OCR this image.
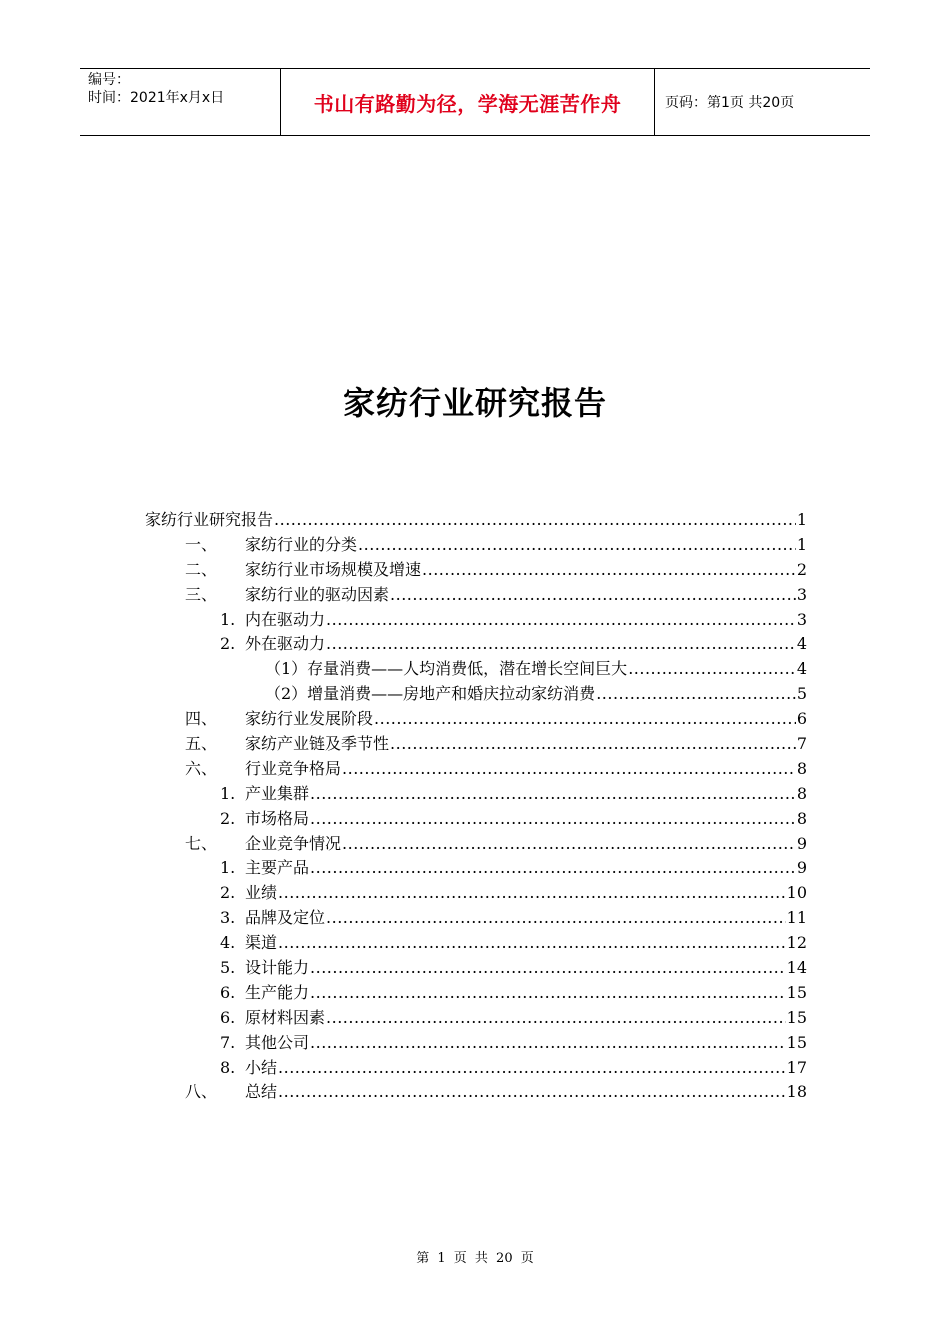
编号：
时间：2021年x月x日	书山有路勤为径，学海无涯苦作舟	页码：第1页 共20页
家纺行业研究报告
家纺行业研究报告 .....	1
一、	家纺行业的分类 .....	1
二、	家纺行业市场规模及增速 .....	2
三、	家纺行业的驱动因素 .....	3
1. 内在驱动力 .....	3
2. 外在驱动力 .....	4
（1）存量消费——人均消费低，潜在增长空间巨大 .....	4
（2）增量消费——房地产和婚庆拉动家纺消费 .....	5
四、	家纺行业发展阶段 .....	6
五、	家纺产业链及季节性 .....	7
六、	行业竞争格局 .....	8
1. 产业集群 .....	8
2. 市场格局 .....	8
七、	企业竞争情况 .....	9
1. 主要产品 .....	9
2. 业绩 .....	10
3. 品牌及定位 .....	11
4. 渠道 .....	12
5. 设计能力 .....	14
6. 生产能力 .....	15
6. 原材料因素 .....	15
7. 其他公司 .....	15
8. 小结 .....	17
八、	总结 .....	18
第 1 页 共 20 页
